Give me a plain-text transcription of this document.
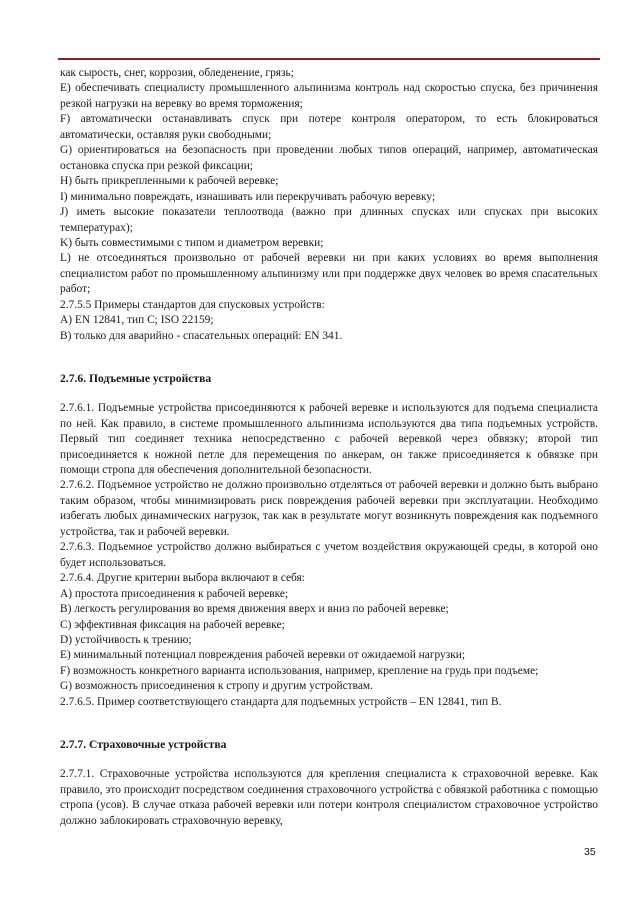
как сырость, снег, коррозия, обледенение, грязь;

E) обеспечивать специалисту промышленного альпинизма контроль над скоростью спуска, без причинения резкой нагрузки на веревку во время торможения;

F) автоматически останавливать спуск при потере контроля оператором, то есть блокироваться автоматически, оставляя руки свободными;

G) ориентироваться на безопасность при проведении любых типов операций, например, автоматическая остановка спуска при резкой фиксации;

H) быть прикрепленными к рабочей веревке;

I) минимально повреждать, изнашивать или перекручивать рабочую веревку;

J) иметь высокие показатели теплоотвода (важно при длинных спусках или спусках при высоких температурах);

K) быть совместимыми с типом и диаметром веревки;

L) не отсоединяться произвольно от рабочей веревки ни при каких условиях во время выполнения специалистом работ по промышленному альпинизму или при поддержке двух человек во время спасательных работ;

2.7.5.5 Примеры стандартов для спусковых устройств:

A) EN 12841, тип C; ISO 22159;

B) только для аварийно - спасательных операций: EN 341.

2.7.6. Подъемные устройства

2.7.6.1. Подъемные устройства присоединяются к рабочей веревке и используются для подъема специалиста по ней. Как правило, в системе промышленного альпинизма используются два типа подъемных устройств. Первый тип соединяет техника непосредственно с рабочей веревкой через обвязку; второй тип присоединяется к ножной петле для перемещения по анкерам, он также присоединяется к обвязке при помощи стропа для обеспечения дополнительной безопасности.

2.7.6.2. Подъемное устройство не должно произвольно отделяться от рабочей веревки и должно быть выбрано таким образом, чтобы минимизировать риск повреждения рабочей веревки при эксплуатации. Необходимо избегать любых динамических нагрузок, так как в результате могут возникнуть повреждения как подъемного устройства, так и рабочей веревки.

2.7.6.3. Подъемное устройство должно выбираться с учетом воздействия окружающей среды, в которой оно будет использоваться.

2.7.6.4. Другие критерии выбора включают в себя:

A) простота присоединения к рабочей веревке;

B) легкость регулирования во время движения вверх и вниз по рабочей веревке;

C) эффективная фиксация на рабочей веревке;

D) устойчивость к трению;

E) минимальный потенциал повреждения рабочей веревки от ожидаемой нагрузки;

F) возможность конкретного варианта использования, например, крепление на грудь при подъеме;

G) возможность присоединения к стропу и другим устройствам.

2.7.6.5. Пример соответствующего стандарта для подъемных устройств – EN 12841, тип B.

2.7.7. Страховочные устройства

2.7.7.1. Страховочные устройства используются для крепления специалиста к страховочной веревке. Как правило, это происходит посредством соединения страховочного устройства с обвязкой работника с помощью стропа (усов). В случае отказа рабочей веревки или потери контроля специалистом страховочное устройство должно заблокировать страховочную веревку,

35
